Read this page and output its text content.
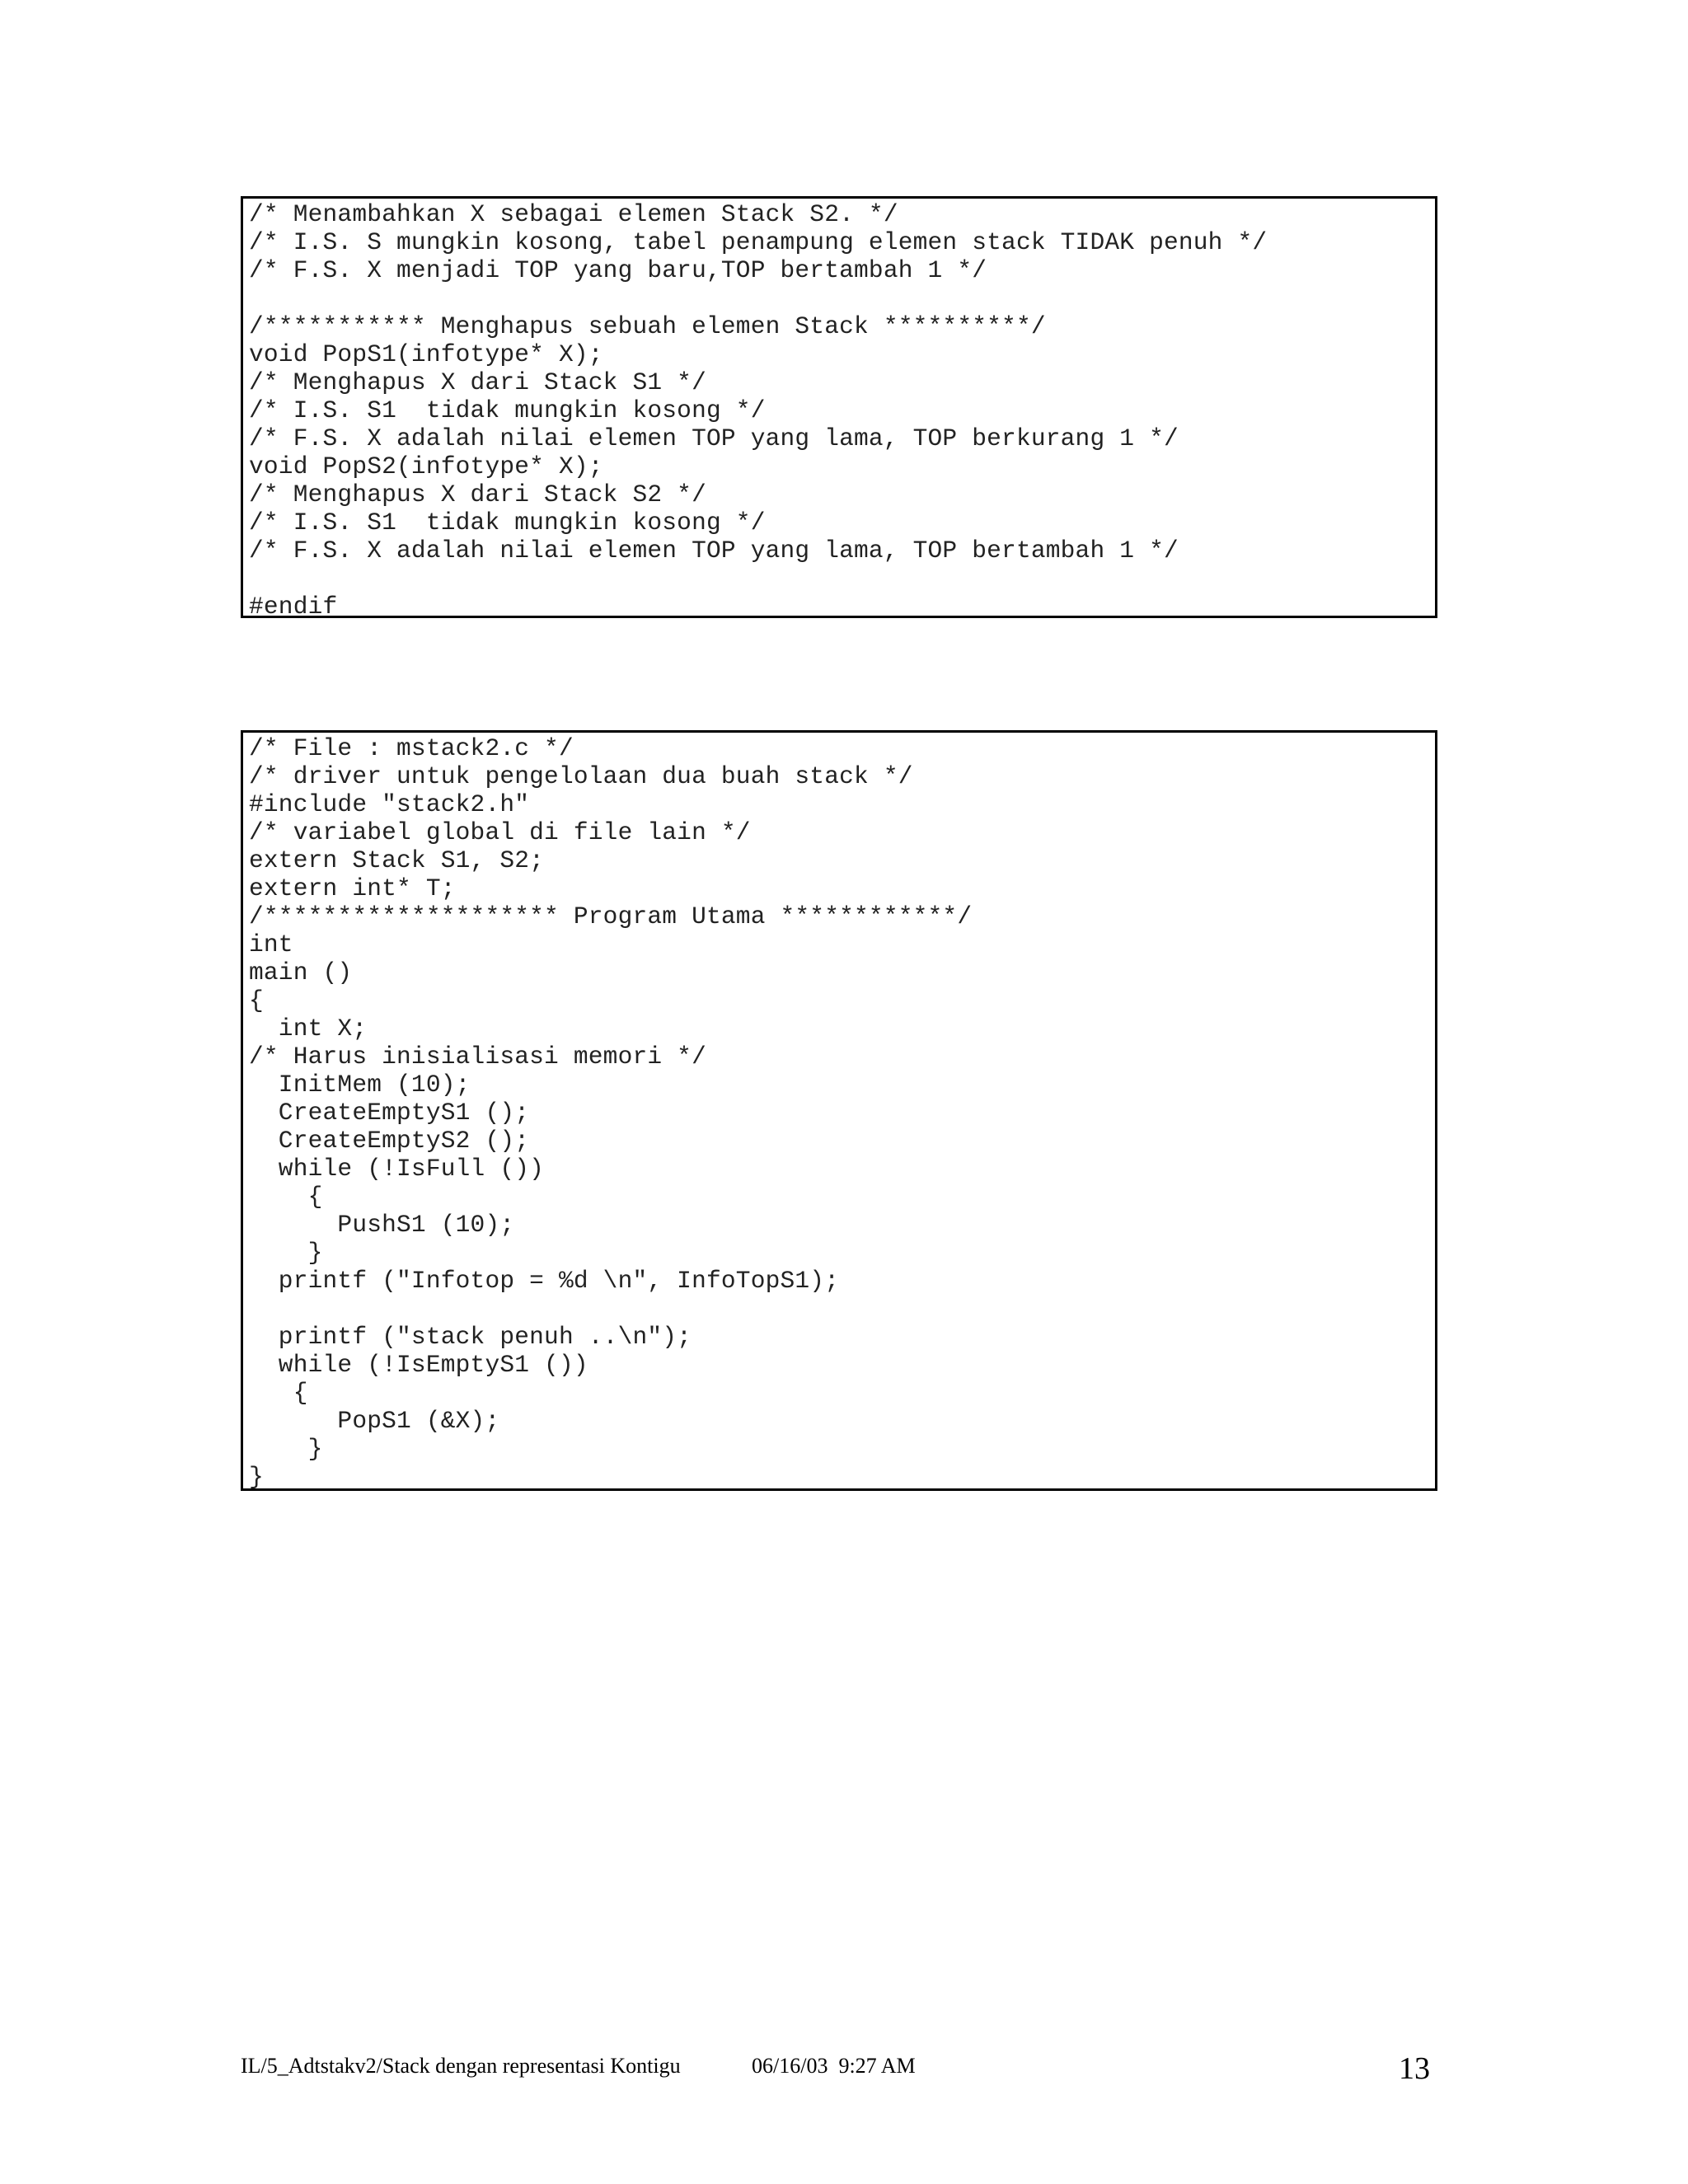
/* Menambahkan X sebagai elemen Stack S2. */
/* I.S. S mungkin kosong, tabel penampung elemen stack TIDAK penuh */
/* F.S. X menjadi TOP yang baru,TOP bertambah 1 */
/*********** Menghapus sebuah elemen Stack **********/
void PopS1(infotype* X);
/* Menghapus X dari Stack S1 */
/* I.S. S1  tidak mungkin kosong */
/* F.S. X adalah nilai elemen TOP yang lama, TOP berkurang 1 */
void PopS2(infotype* X);
/* Menghapus X dari Stack S2 */
/* I.S. S1  tidak mungkin kosong */
/* F.S. X adalah nilai elemen TOP yang lama, TOP bertambah 1 */
#endif
/* File : mstack2.c */
/* driver untuk pengelolaan dua buah stack */
#include "stack2.h"
/* variabel global di file lain */
extern Stack S1, S2;
extern int* T;
/******************** Program Utama ************/
int
main ()
{
int X;
/* Harus inisialisasi memori */
InitMem (10);
CreateEmptyS1 ();
CreateEmptyS2 ();
while (!IsFull ())
{
PushS1 (10);
}
printf ("Infotop = %d \n", InfoTopS1);
printf ("stack penuh ..\n");
while (!IsEmptyS1 ())
{
PopS1 (&X);
}
}
IL/5_Adtstakv2/Stack dengan representasi Kontigu	06/16/03  9:27 AM	13
